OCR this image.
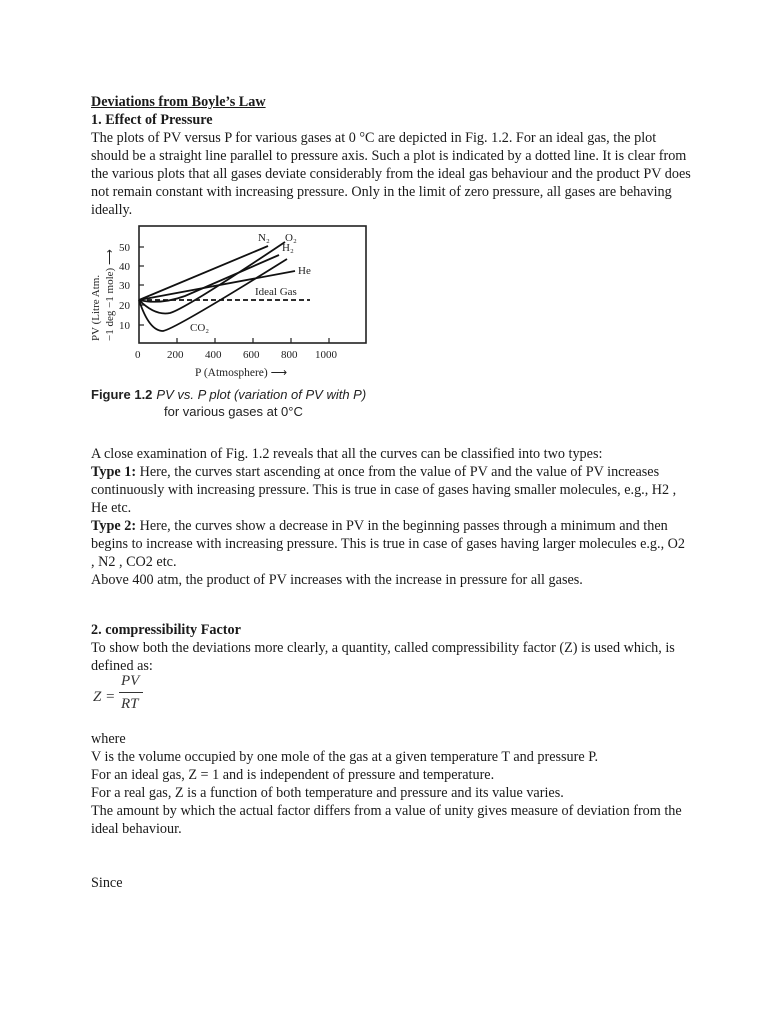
Deviations from Boyle’s Law

1. Effect of Pressure

The plots of PV versus P for various gases at 0 °C are depicted in Fig. 1.2. For an ideal gas, the plot should be a straight line parallel to pressure axis. Such a plot is indicated by a dotted line. It is clear from the various plots that all gases deviate considerably from the ideal gas behaviour and the product PV does not remain constant with increasing pressure. Only in the limit of zero pressure, all gases are behaving ideally.

50
40
30
20
10
0 200 400 600 800 1000
P (Atmosphere) ⟶
PV (Litre Atm. −1 deg −1 mole) ⟶	He
Ideal Gas
N₂ O₂
H₂
CO₂
Figure 1.2 PV vs. P plot (variation of PV with P)
for various gases at 0°C

A close examination of Fig. 1.2 reveals that all the curves can be classified into two types:

Type 1: Here, the curves start ascending at once from the value of PV and the value of PV increases continuously with increasing pressure. This is true in case of gases having smaller molecules, e.g., H2 , He etc.

Type 2: Here, the curves show a decrease in PV in the beginning passes through a minimum and then begins to increase with increasing pressure. This is true in case of gases having larger molecules e.g., O2 , N2 , CO2 etc.

Above 400 atm, the product of PV increases with the increase in pressure for all gases.

2. compressibility Factor

To show both the deviations more clearly, a quantity, called compressibility factor (Z) is used which, is defined as:

Z =
PV
RT

where

V is the volume occupied by one mole of the gas at a given temperature T and pressure P.

For an ideal gas, Z = 1 and is independent of pressure and temperature.

For a real gas, Z is a function of both temperature and pressure and its value varies.

The amount by which the actual factor differs from a value of unity gives measure of deviation from the ideal behaviour.

Since
